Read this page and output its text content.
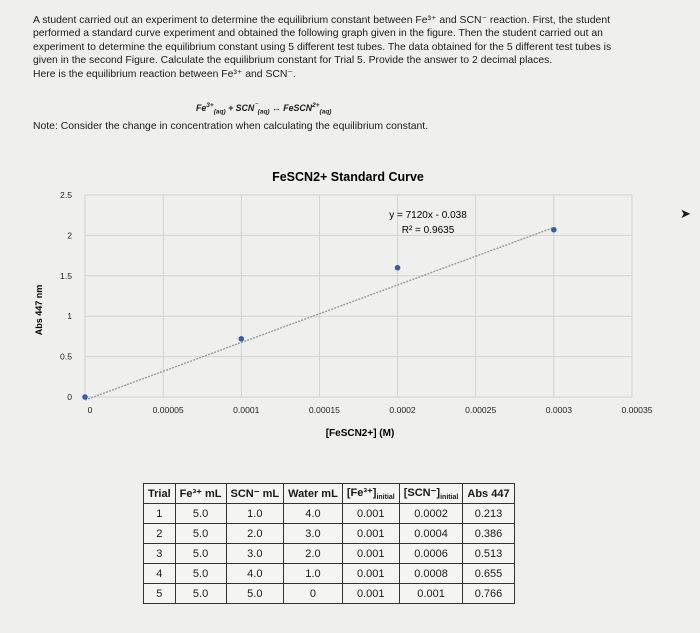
A student carried out an experiment to determine the equilibrium constant between Fe³⁺ and SCN⁻ reaction. First, the student

performed a standard curve experiment and obtained the following graph given in the figure. Then the student carried out an

experiment to determine the equilibrium constant using 5 different test tubes. The data obtained for the 5 different test tubes is

given in the second Figure. Calculate the equilibrium constant for Trial 5. Provide the answer to 2 decimal places.

Here is the equilibrium reaction between Fe³⁺ and SCN⁻.

$Fe^{3+}_{(aq)} + SCN^{^-}_{(aq)}$ ↔ FeSCN$^{2+}_{(aq)}$
Note: Consider the change in concentration when calculating the equilibrium constant.
FeSCN2+ Standard Curve
0
0.5
1
1.5
2
2.5
0	0.00005	0.0001	0.00015	0.0002	0.00025	0.0003	0.00035
y = 7120x - 0.038
R² = 0.9635
[FeSCN2+] (M)
Abs 447 nm
➤
Trial	Fe³⁺ mL	SCN⁻ mL	Water mL	$[Fe^{3+}]_{initial}$	$[SCN^-]_{initial}$	Abs 447
1	5.0	1.0	4.0	0.001	0.0002	0.213
2	5.0	2.0	3.0	0.001	0.0004	0.386
3	5.0	3.0	2.0	0.001	0.0006	0.513
4	5.0	4.0	1.0	0.001	0.0008	0.655
5	5.0	5.0	0	0.001	0.001	0.766
